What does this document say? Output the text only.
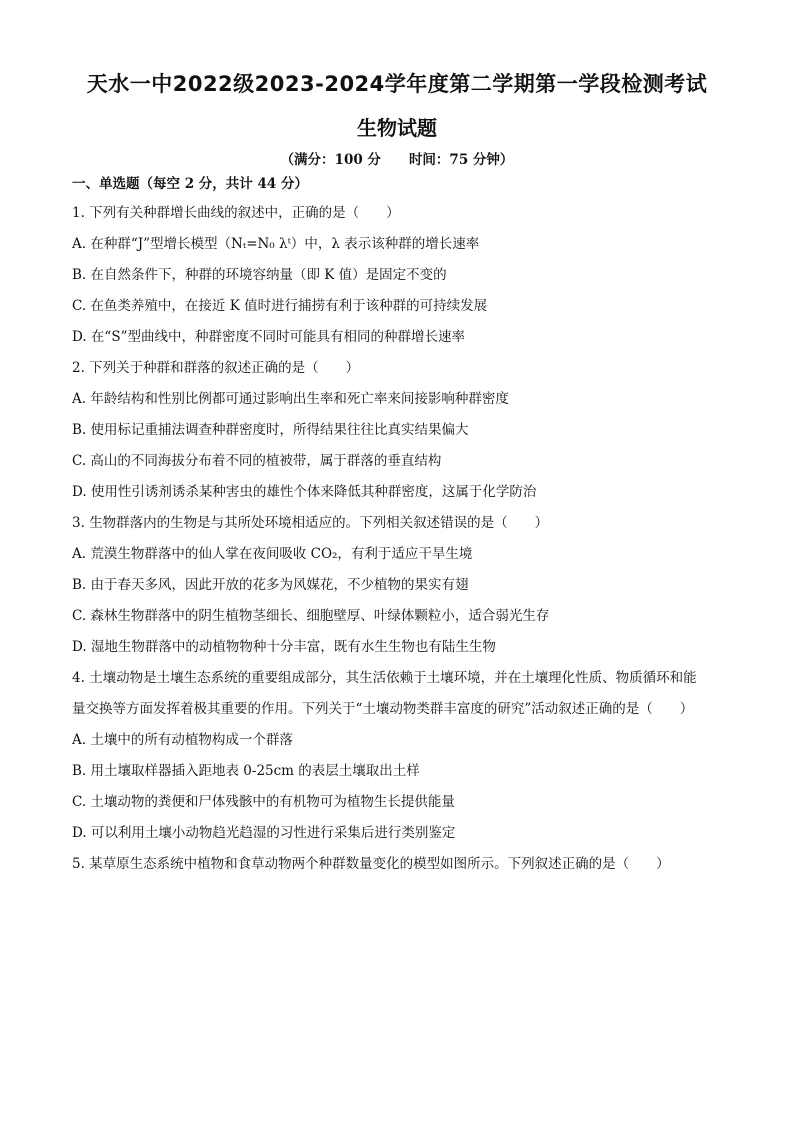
天水一中2022级2023-2024学年度第二学期第一学段检测考试
生物试题
（满分：100 分 时间：75 分钟）
一、单选题（每空 2 分，共计 44 分）
1. 下列有关种群增长曲线的叙述中，正确的是（　　）
A. 在种群“J”型增长模型（Nₜ=N₀ λᵗ）中，λ 表示该种群的增长速率
B. 在自然条件下，种群的环境容纳量（即 K 值）是固定不变的
C. 在鱼类养殖中，在接近 K 值时进行捕捞有利于该种群的可持续发展
D. 在“S”型曲线中，种群密度不同时可能具有相同的种群增长速率
2. 下列关于种群和群落的叙述正确的是（　　）
A. 年龄结构和性别比例都可通过影响出生率和死亡率来间接影响种群密度
B. 使用标记重捕法调查种群密度时，所得结果往往比真实结果偏大
C. 高山的不同海拔分布着不同的植被带，属于群落的垂直结构
D. 使用性引诱剂诱杀某种害虫的雄性个体来降低其种群密度，这属于化学防治
3. 生物群落内的生物是与其所处环境相适应的。下列相关叙述错误的是（　　）
A. 荒漠生物群落中的仙人掌在夜间吸收 CO₂，有利于适应干旱生境
B. 由于春天多风，因此开放的花多为风媒花，不少植物的果实有翅
C. 森林生物群落中的阴生植物茎细长、细胞壁厚、叶绿体颗粒小，适合弱光生存
D. 湿地生物群落中的动植物物种十分丰富，既有水生生物也有陆生生物
4. 土壤动物是土壤生态系统的重要组成部分，其生活依赖于土壤环境，并在土壤理化性质、物质循环和能
量交换等方面发挥着极其重要的作用。下列关于“土壤动物类群丰富度的研究”活动叙述正确的是（　　）
A. 土壤中的所有动植物构成一个群落
B. 用土壤取样器插入距地表 0-25cm 的表层土壤取出土样
C. 土壤动物的粪便和尸体残骸中的有机物可为植物生长提供能量
D. 可以利用土壤小动物趋光趋湿的习性进行采集后进行类别鉴定
5. 某草原生态系统中植物和食草动物两个种群数量变化的模型如图所示。下列叙述正确的是（　　）
